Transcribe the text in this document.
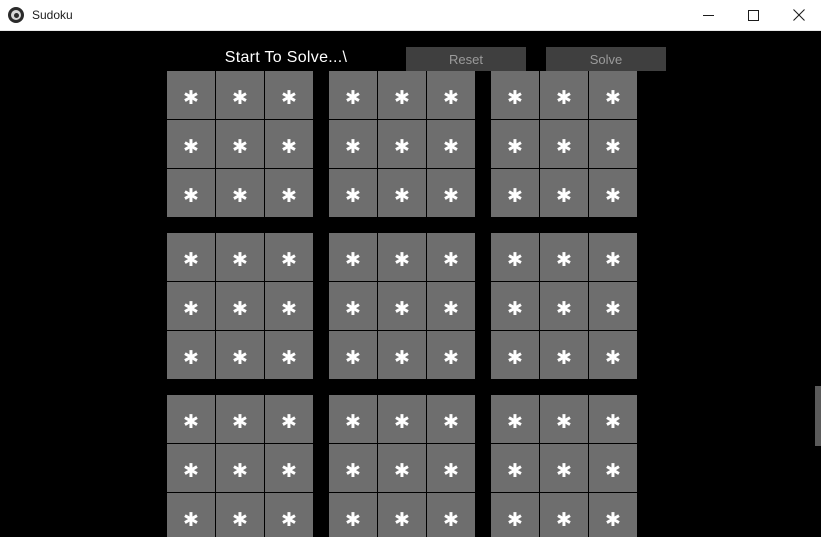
Sudoku
Start To Solve...\	Reset	Solve
✱ ✱ ✱
✱ ✱ ✱
✱ ✱ ✱
✱ ✱ ✱
✱ ✱ ✱
✱ ✱ ✱
✱ ✱ ✱
✱ ✱ ✱
✱ ✱ ✱
✱ ✱ ✱
✱ ✱ ✱
✱ ✱ ✱
✱ ✱ ✱
✱ ✱ ✱
✱ ✱ ✱
✱ ✱ ✱
✱ ✱ ✱
✱ ✱ ✱
✱ ✱ ✱
✱ ✱ ✱
✱ ✱ ✱
✱ ✱ ✱
✱ ✱ ✱
✱ ✱ ✱
✱ ✱ ✱
✱ ✱ ✱
✱ ✱ ✱
